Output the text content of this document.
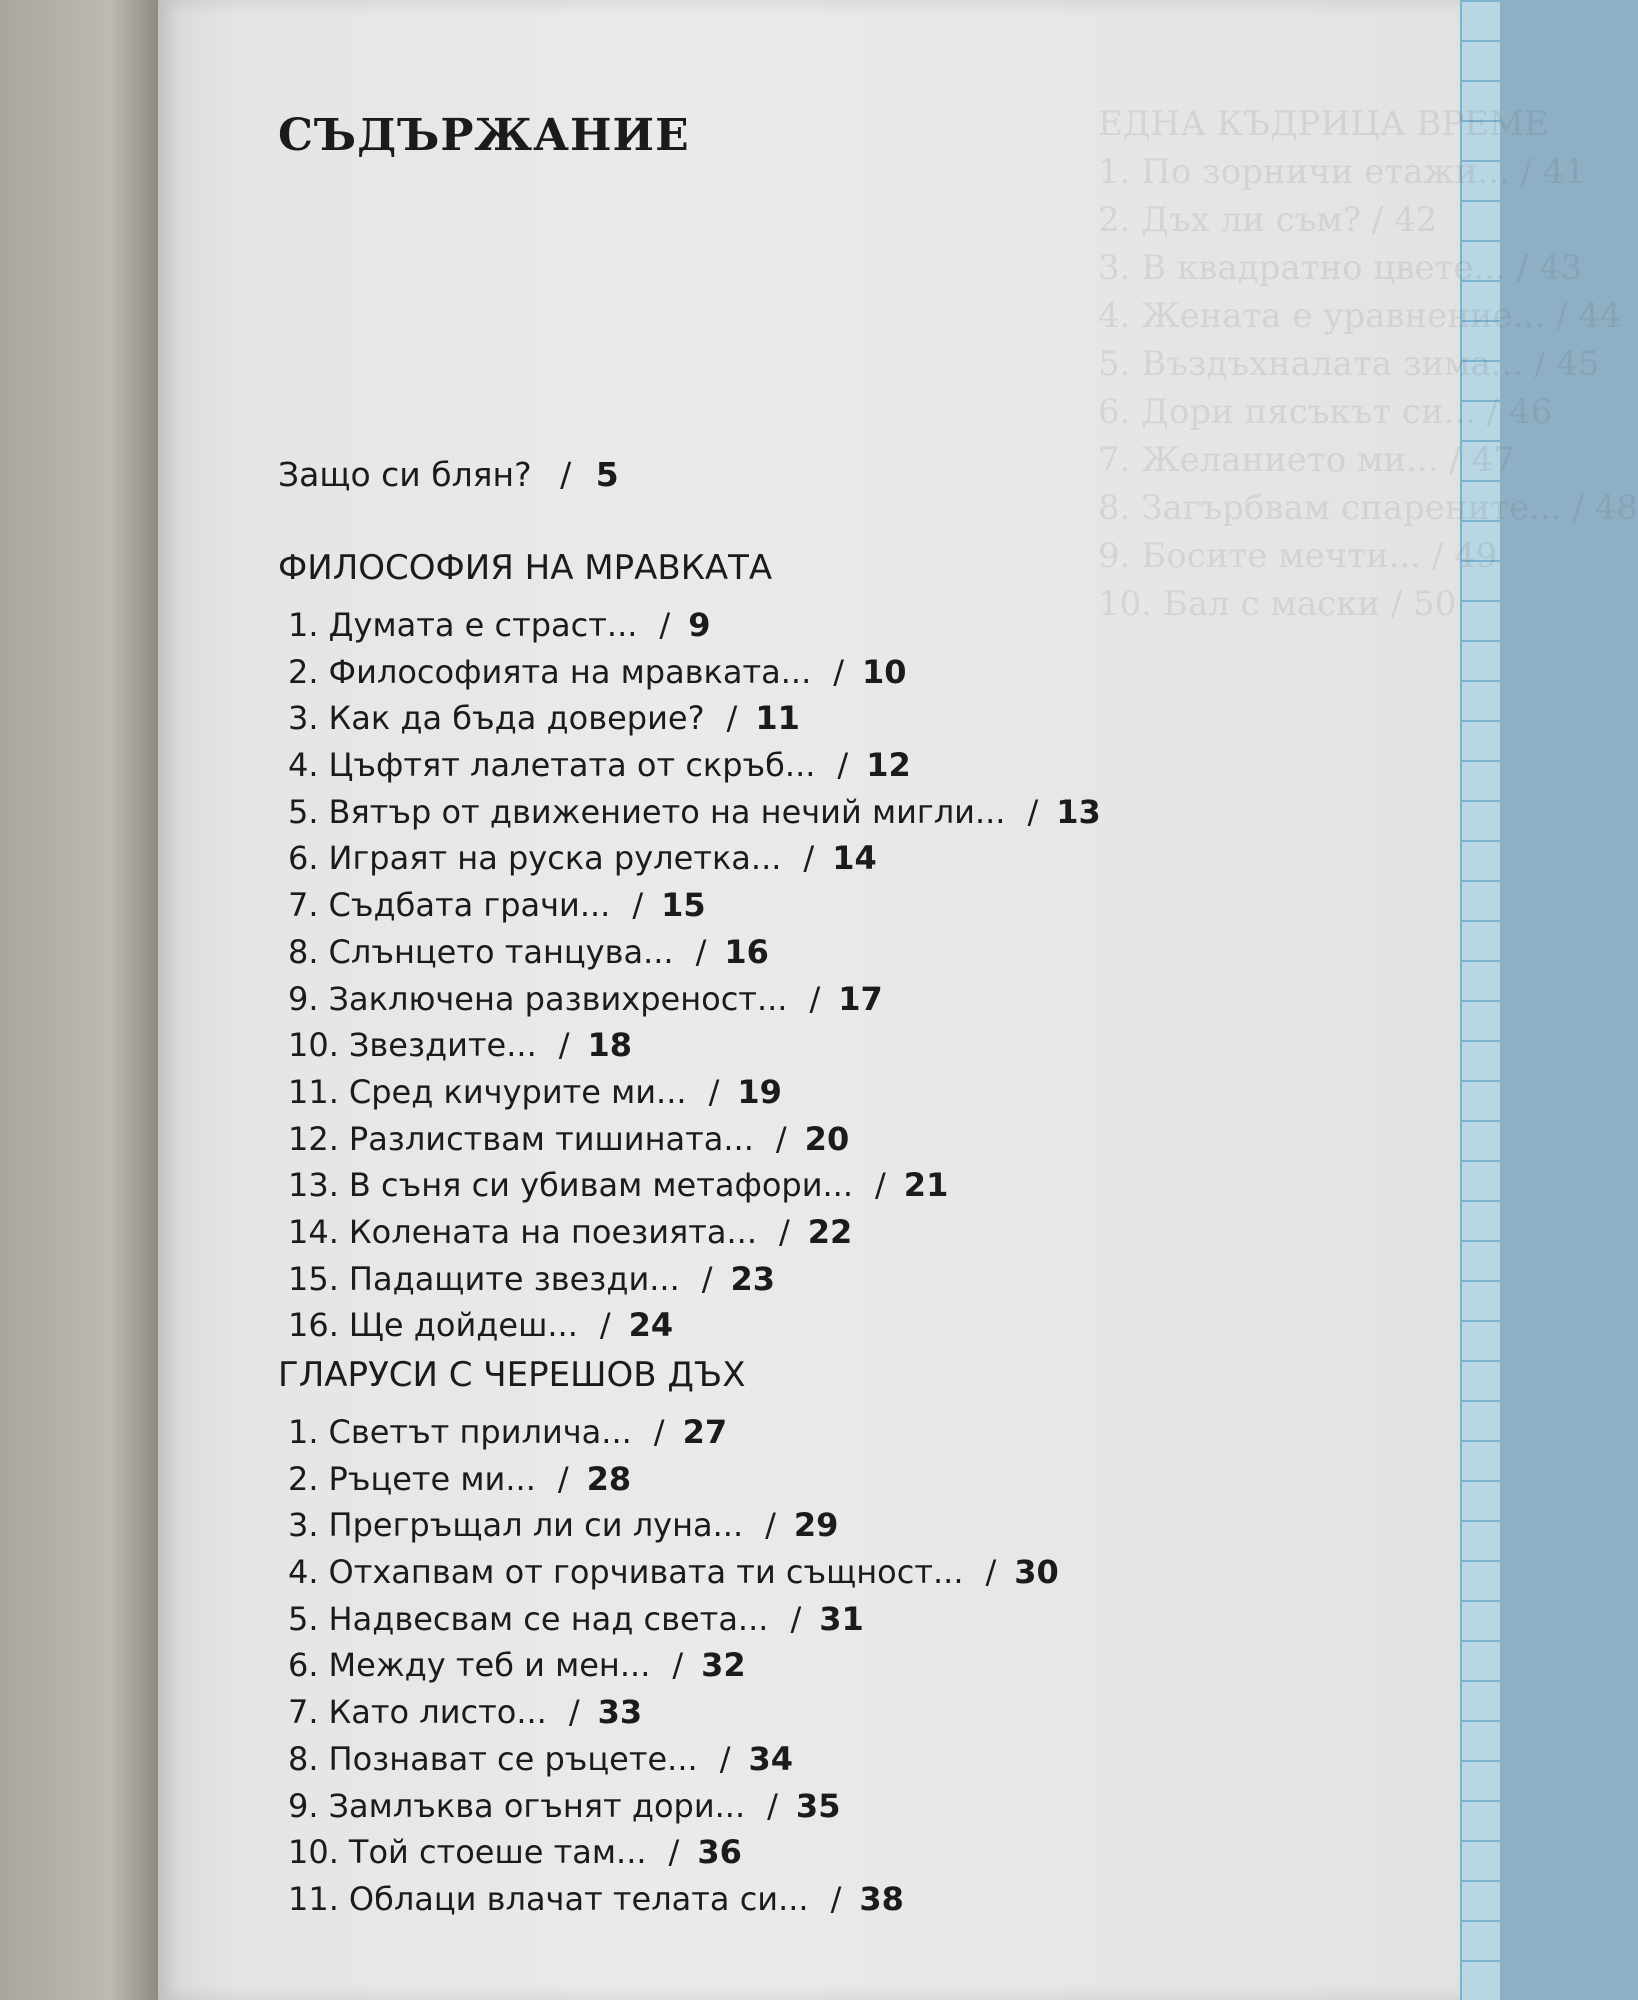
ЕДНА КЪДРИЦА ВРЕМЕ
1. По зорничи етажи... / 41
2. Дъх ли съм? / 42
3. В квадратно цвете... / 43
4. Жената е уравнение... / 44
5. Въздъхналата зима... / 45
6. Дори пясъкът си... / 46
7. Желанието ми... / 47
8. Загърбвам спарените... / 48
9. Босите мечти... / 49
10. Бал с маски / 50
СЪДЪРЖАНИЕ
Защо си блян? / 5
ФИЛОСОФИЯ НА МРАВКАТА
1. Думата е страст... / 9
2. Философията на мравката... / 10
3. Как да бъда доверие? / 11
4. Цъфтят лалетата от скръб... / 12
5. Вятър от движението на нечий мигли... / 13
6. Играят на руска рулетка... / 14
7. Съдбата грачи... / 15
8. Слънцето танцува... / 16
9. Заключена развихреност... / 17
10. Звездите... / 18
11. Сред кичурите ми... / 19
12. Разлиствам тишината... / 20
13. В съня си убивам метафори... / 21
14. Колената на поезията... / 22
15. Падащите звезди... / 23
16. Ще дойдеш... / 24
ГЛАРУСИ С ЧЕРЕШОВ ДЪХ
1. Светът прилича... / 27
2. Ръцете ми... / 28
3. Прегръщал ли си луна... / 29
4. Отхапвам от горчивата ти същност... / 30
5. Надвесвам се над света... / 31
6. Между теб и мен... / 32
7. Като листо... / 33
8. Познават се ръцете... / 34
9. Замлъква огънят дори... / 35
10. Той стоеше там... / 36
11. Облаци влачат телата си... / 38
